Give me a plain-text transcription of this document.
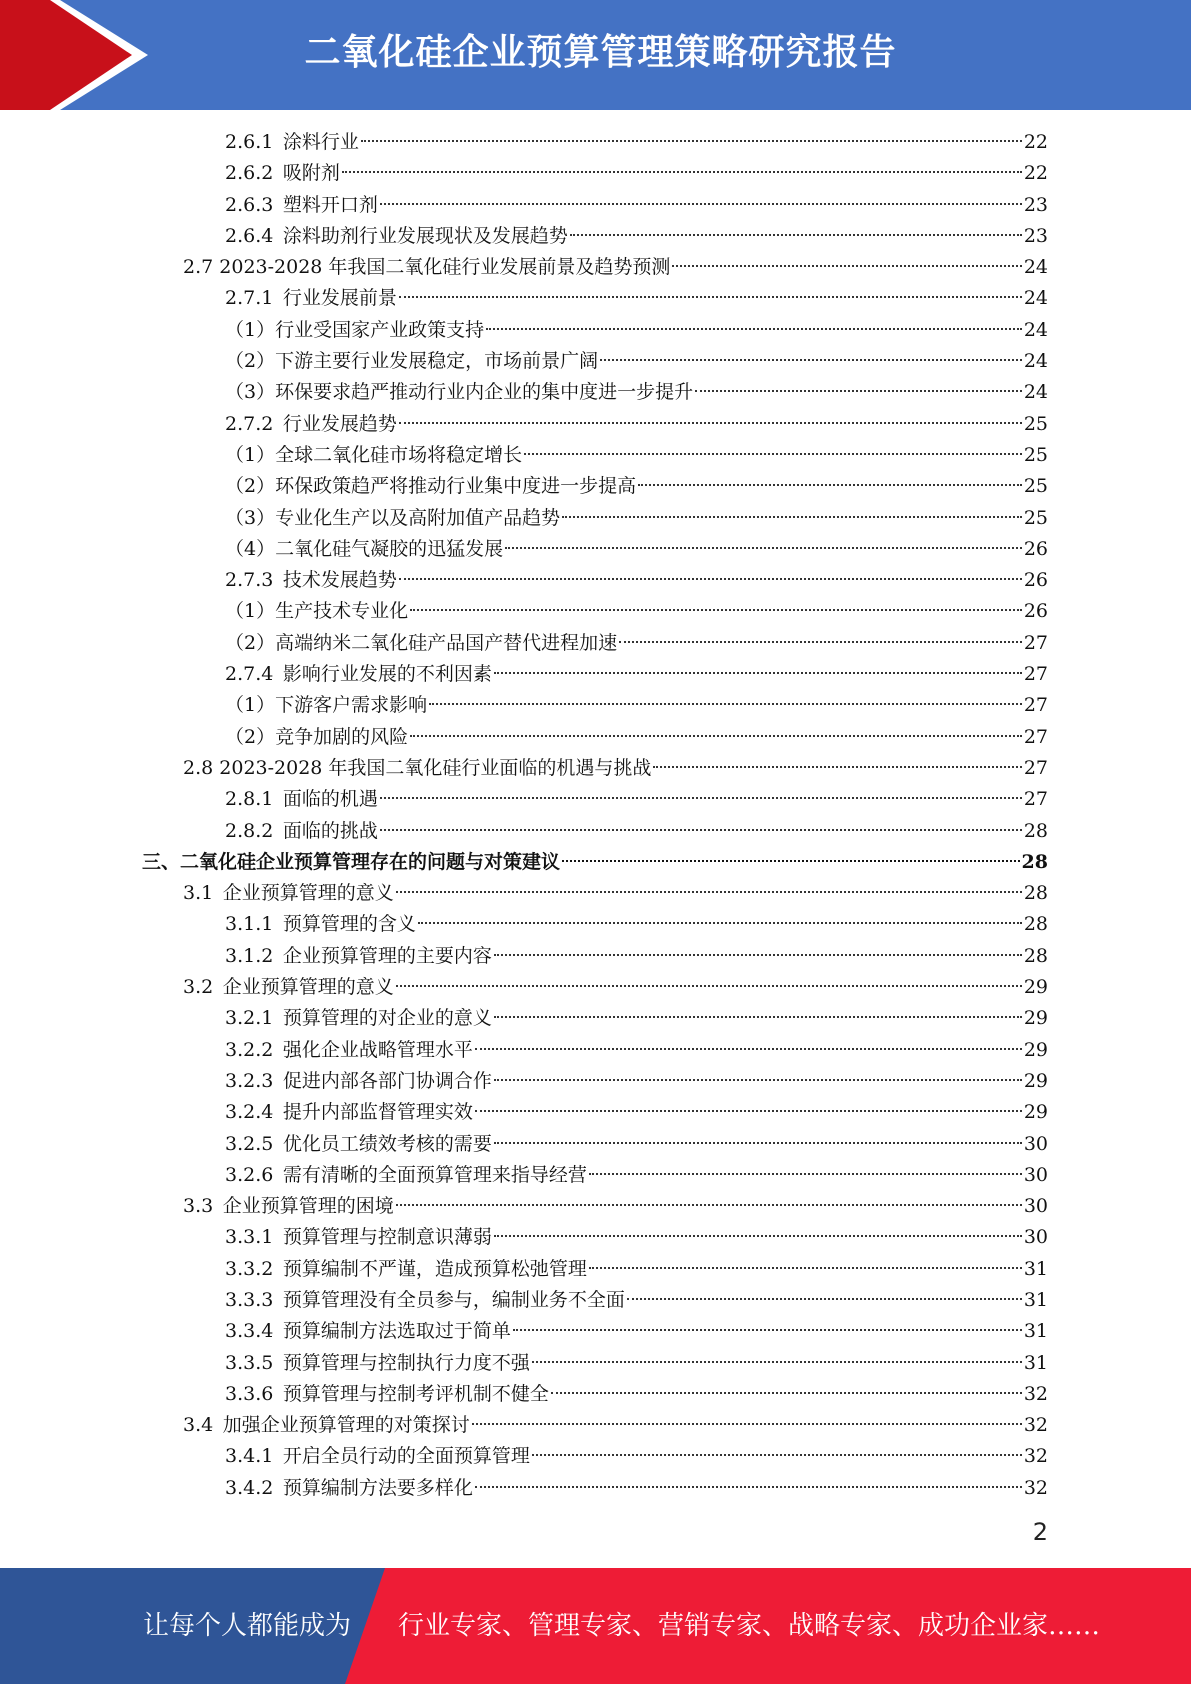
二氧化硅企业预算管理策略研究报告
2.6.1  涂料行业	22
2.6.2  吸附剂	22
2.6.3  塑料开口剂	23
2.6.4  涂料助剂行业发展现状及发展趋势	23
2.7 2023-2028 年我国二氧化硅行业发展前景及趋势预测	24
2.7.1  行业发展前景	24
（1）行业受国家产业政策支持	24
（2）下游主要行业发展稳定，市场前景广阔	24
（3）环保要求趋严推动行业内企业的集中度进一步提升	24
2.7.2  行业发展趋势	25
（1）全球二氧化硅市场将稳定增长	25
（2）环保政策趋严将推动行业集中度进一步提高	25
（3）专业化生产以及高附加值产品趋势	25
（4）二氧化硅气凝胶的迅猛发展	26
2.7.3  技术发展趋势	26
（1）生产技术专业化	26
（2）高端纳米二氧化硅产品国产替代进程加速	27
2.7.4  影响行业发展的不利因素	27
（1）下游客户需求影响	27
（2）竞争加剧的风险	27
2.8 2023-2028 年我国二氧化硅行业面临的机遇与挑战	27
2.8.1  面临的机遇	27
2.8.2  面临的挑战	28
三、二氧化硅企业预算管理存在的问题与对策建议	28
3.1  企业预算管理的意义	28
3.1.1  预算管理的含义	28
3.1.2  企业预算管理的主要内容	28
3.2  企业预算管理的意义	29
3.2.1  预算管理的对企业的意义	29
3.2.2  强化企业战略管理水平	29
3.2.3  促进内部各部门协调合作	29
3.2.4  提升内部监督管理实效	29
3.2.5  优化员工绩效考核的需要	30
3.2.6  需有清晰的全面预算管理来指导经营	30
3.3  企业预算管理的困境	30
3.3.1  预算管理与控制意识薄弱	30
3.3.2  预算编制不严谨，造成预算松弛管理	31
3.3.3  预算管理没有全员参与，编制业务不全面	31
3.3.4  预算编制方法选取过于简单	31
3.3.5  预算管理与控制执行力度不强	31
3.3.6  预算管理与控制考评机制不健全	32
3.4  加强企业预算管理的对策探讨	32
3.4.1  开启全员行动的全面预算管理	32
3.4.2  预算编制方法要多样化	32
2
让每个人都能成为 行业专家、管理专家、营销专家、战略专家、成功企业家……
